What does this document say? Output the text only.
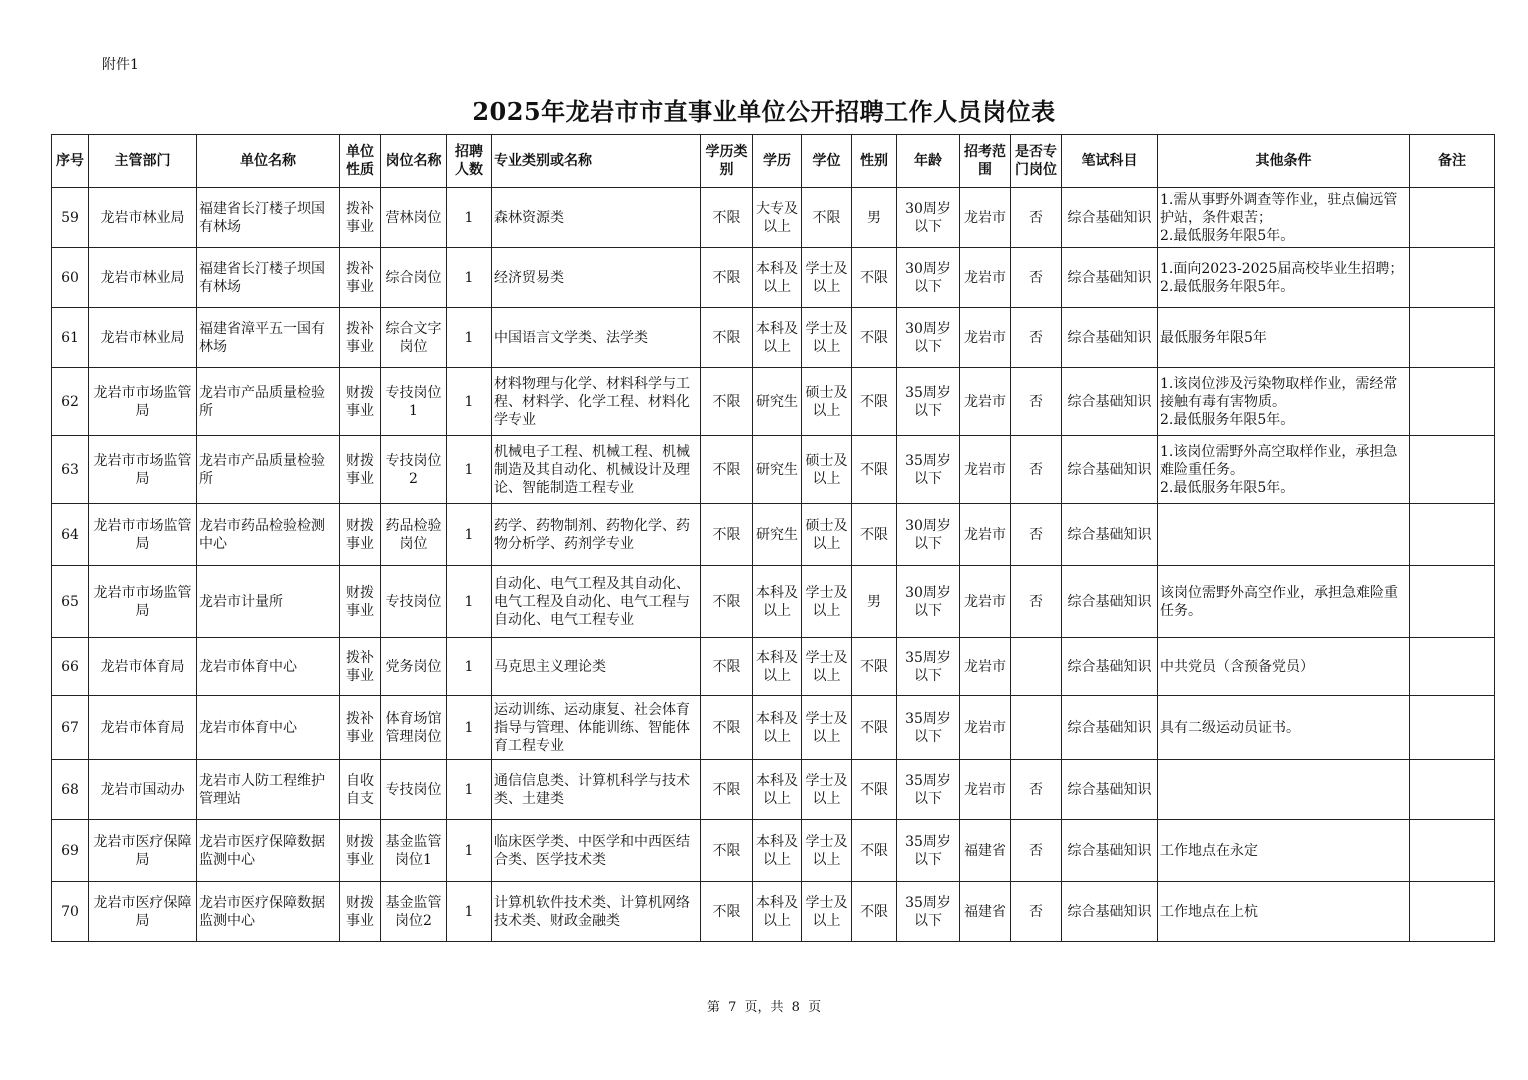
附件1
2025年龙岩市市直事业单位公开招聘工作人员岗位表
序号	主管部门	单位名称	单位性质	岗位名称	招聘人数	专业类别或名称	学历类别	学历	学位	性别	年龄	招考范围	是否专门岗位	笔试科目	其他条件	备注
59	龙岩市林业局	福建省长汀楼子坝国有林场	拨补事业	营林岗位	1	森林资源类	不限	大专及以上	不限	男	30周岁以下	龙岩市	否	综合基础知识	1.需从事野外调查等作业，驻点偏远管护站，条件艰苦；
2.最低服务年限5年。	
60	龙岩市林业局	福建省长汀楼子坝国有林场	拨补事业	综合岗位	1	经济贸易类	不限	本科及以上	学士及以上	不限	30周岁以下	龙岩市	否	综合基础知识	1.面向2023-2025届高校毕业生招聘；
2.最低服务年限5年。	
61	龙岩市林业局	福建省漳平五一国有林场	拨补事业	综合文字岗位	1	中国语言文学类、法学类	不限	本科及以上	学士及以上	不限	30周岁以下	龙岩市	否	综合基础知识	最低服务年限5年	
62	龙岩市市场监管局	龙岩市产品质量检验所	财拨事业	专技岗位1	1	材料物理与化学、材料科学与工程、材料学、化学工程、材料化学专业	不限	研究生	硕士及以上	不限	35周岁以下	龙岩市	否	综合基础知识	1.该岗位涉及污染物取样作业，需经常接触有毒有害物质。
2.最低服务年限5年。	
63	龙岩市市场监管局	龙岩市产品质量检验所	财拨事业	专技岗位2	1	机械电子工程、机械工程、机械制造及其自动化、机械设计及理论、智能制造工程专业	不限	研究生	硕士及以上	不限	35周岁以下	龙岩市	否	综合基础知识	1.该岗位需野外高空取样作业，承担急难险重任务。
2.最低服务年限5年。	
64	龙岩市市场监管局	龙岩市药品检验检测中心	财拨事业	药品检验岗位	1	药学、药物制剂、药物化学、药物分析学、药剂学专业	不限	研究生	硕士及以上	不限	30周岁以下	龙岩市	否	综合基础知识		
65	龙岩市市场监管局	龙岩市计量所	财拨事业	专技岗位	1	自动化、电气工程及其自动化、电气工程及自动化、电气工程与自动化、电气工程专业	不限	本科及以上	学士及以上	男	30周岁以下	龙岩市	否	综合基础知识	该岗位需野外高空作业，承担急难险重任务。	
66	龙岩市体育局	龙岩市体育中心	拨补事业	党务岗位	1	马克思主义理论类	不限	本科及以上	学士及以上	不限	35周岁以下	龙岩市		综合基础知识	中共党员（含预备党员）	
67	龙岩市体育局	龙岩市体育中心	拨补事业	体育场馆管理岗位	1	运动训练、运动康复、社会体育指导与管理、体能训练、智能体育工程专业	不限	本科及以上	学士及以上	不限	35周岁以下	龙岩市		综合基础知识	具有二级运动员证书。	
68	龙岩市国动办	龙岩市人防工程维护管理站	自收自支	专技岗位	1	通信信息类、计算机科学与技术类、土建类	不限	本科及以上	学士及以上	不限	35周岁以下	龙岩市	否	综合基础知识		
69	龙岩市医疗保障局	龙岩市医疗保障数据监测中心	财拨事业	基金监管岗位1	1	临床医学类、中医学和中西医结合类、医学技术类	不限	本科及以上	学士及以上	不限	35周岁以下	福建省	否	综合基础知识	工作地点在永定	
70	龙岩市医疗保障局	龙岩市医疗保障数据监测中心	财拨事业	基金监管岗位2	1	计算机软件技术类、计算机网络技术类、财政金融类	不限	本科及以上	学士及以上	不限	35周岁以下	福建省	否	综合基础知识	工作地点在上杭	
第 7 页，共 8 页
